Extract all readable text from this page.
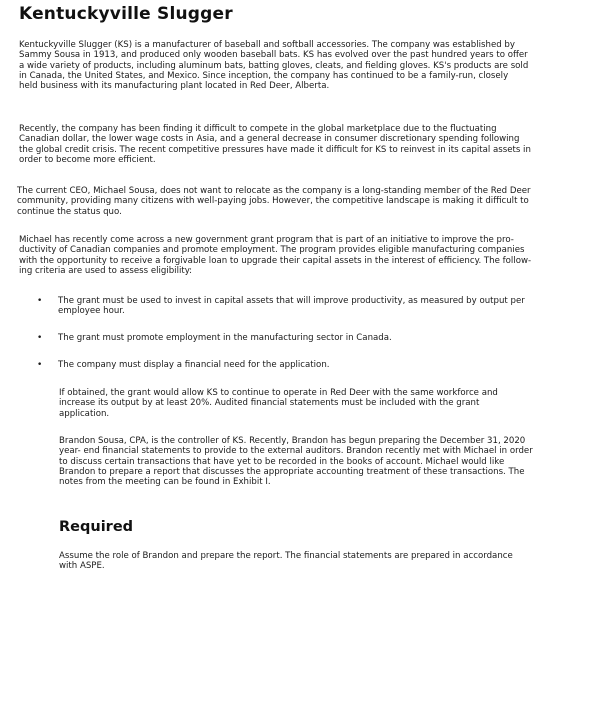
Kentuckyville Slugger

Kentuckyville Slugger (KS) is a manufacturer of baseball and softball accessories. The company was established by Sammy Sousa in 1913, and produced only wooden baseball bats. KS has evolved over the past hundred years to offer a wide variety of products, including aluminum bats, batting gloves, cleats, and fielding gloves. KS's products are sold in Canada, the United States, and Mexico. Since inception, the company has continued to be a family-run, closely held business with its manufacturing plant located in Red Deer, Alberta.

Recently, the company has been finding it difficult to compete in the global marketplace due to the fluctuating Canadian dollar, the lower wage costs in Asia, and a general decrease in consumer discretionary spending following the global credit crisis. The recent competitive pressures have made it difficult for KS to reinvest in its capital assets in order to become more efficient.

The current CEO, Michael Sousa, does not want to relocate as the company is a long-standing member of the Red Deer community, providing many citizens with well-paying jobs. However, the competitive landscape is making it difficult to continue the status quo.

Michael has recently come across a new government grant program that is part of an initiative to improve the pro- ductivity of Canadian companies and promote employment. The program provides eligible manufacturing companies with the opportunity to receive a forgivable loan to upgrade their capital assets in the interest of efficiency. The follow- ing criteria are used to assess eligibility:

• The grant must be used to invest in capital assets that will improve productivity, as measured by output per employee hour.

• The grant must promote employment in the manufacturing sector in Canada.

• The company must display a financial need for the application.

If obtained, the grant would allow KS to continue to operate in Red Deer with the same workforce and increase its output by at least 20%. Audited financial statements must be included with the grant application.

Brandon Sousa, CPA, is the controller of KS. Recently, Brandon has begun preparing the December 31, 2020 year- end financial statements to provide to the external auditors. Brandon recently met with Michael in order to discuss certain transactions that have yet to be recorded in the books of account. Michael would like Brandon to prepare a report that discusses the appropriate accounting treatment of these transactions. The notes from the meeting can be found in Exhibit I.

Required

Assume the role of Brandon and prepare the report. The financial statements are prepared in accordance with ASPE.
